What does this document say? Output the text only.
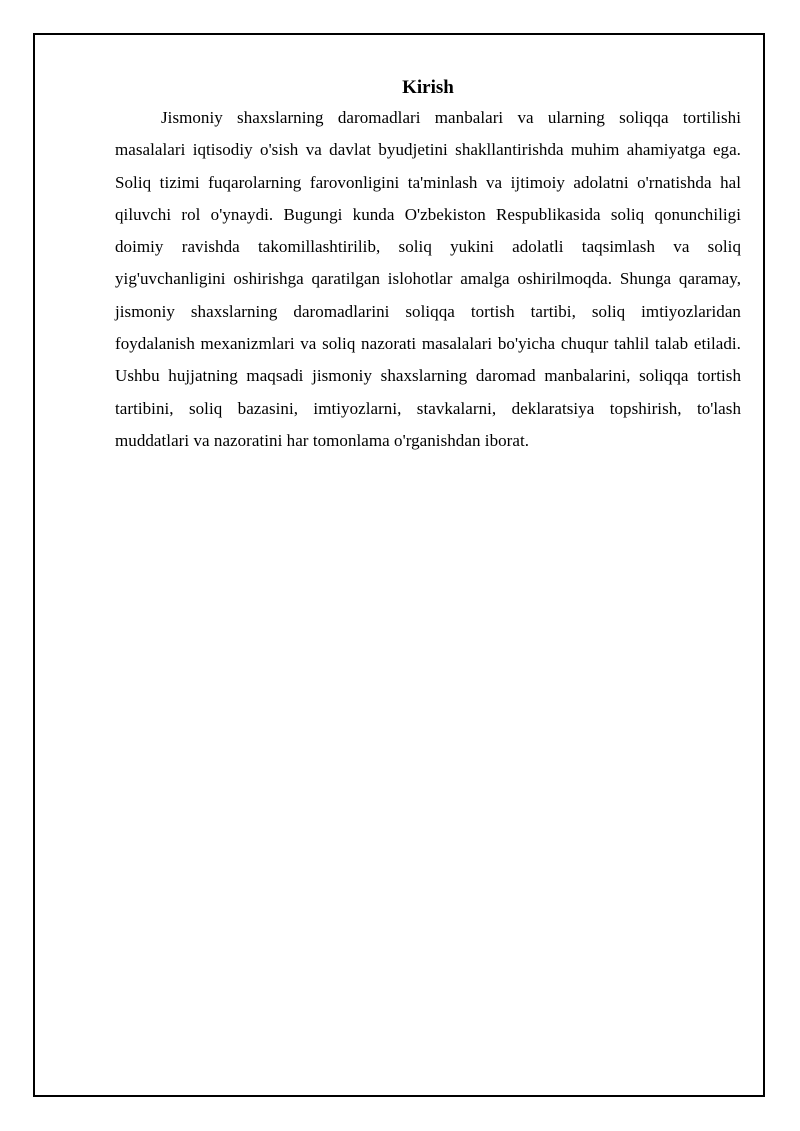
Kirish

Jismoniy shaxslarning daromadlari manbalari va ularning soliqqa tortilishi masalalari iqtisodiy o'sish va davlat byudjetini shakllantirishda muhim ahamiyatga ega. Soliq tizimi fuqarolarning farovonligini ta'minlash va ijtimoiy adolatni o'rnatishda hal qiluvchi rol o'ynaydi. Bugungi kunda O'zbekiston Respublikasida soliq qonunchiligi doimiy ravishda takomillashtirilib, soliq yukini adolatli taqsimlash va soliq yig'uvchanligini oshirishga qaratilgan islohotlar amalga oshirilmoqda. Shunga qaramay, jismoniy shaxslarning daromadlarini soliqqa tortish tartibi, soliq imtiyozlaridan foydalanish mexanizmlari va soliq nazorati masalalari bo'yicha chuqur tahlil talab etiladi. Ushbu hujjatning maqsadi jismoniy shaxslarning daromad manbalarini, soliqqa tortish tartibini, soliq bazasini, imtiyozlarni, stavkalarni, deklaratsiya topshirish, to'lash muddatlari va nazoratini har tomonlama o'rganishdan iborat.
